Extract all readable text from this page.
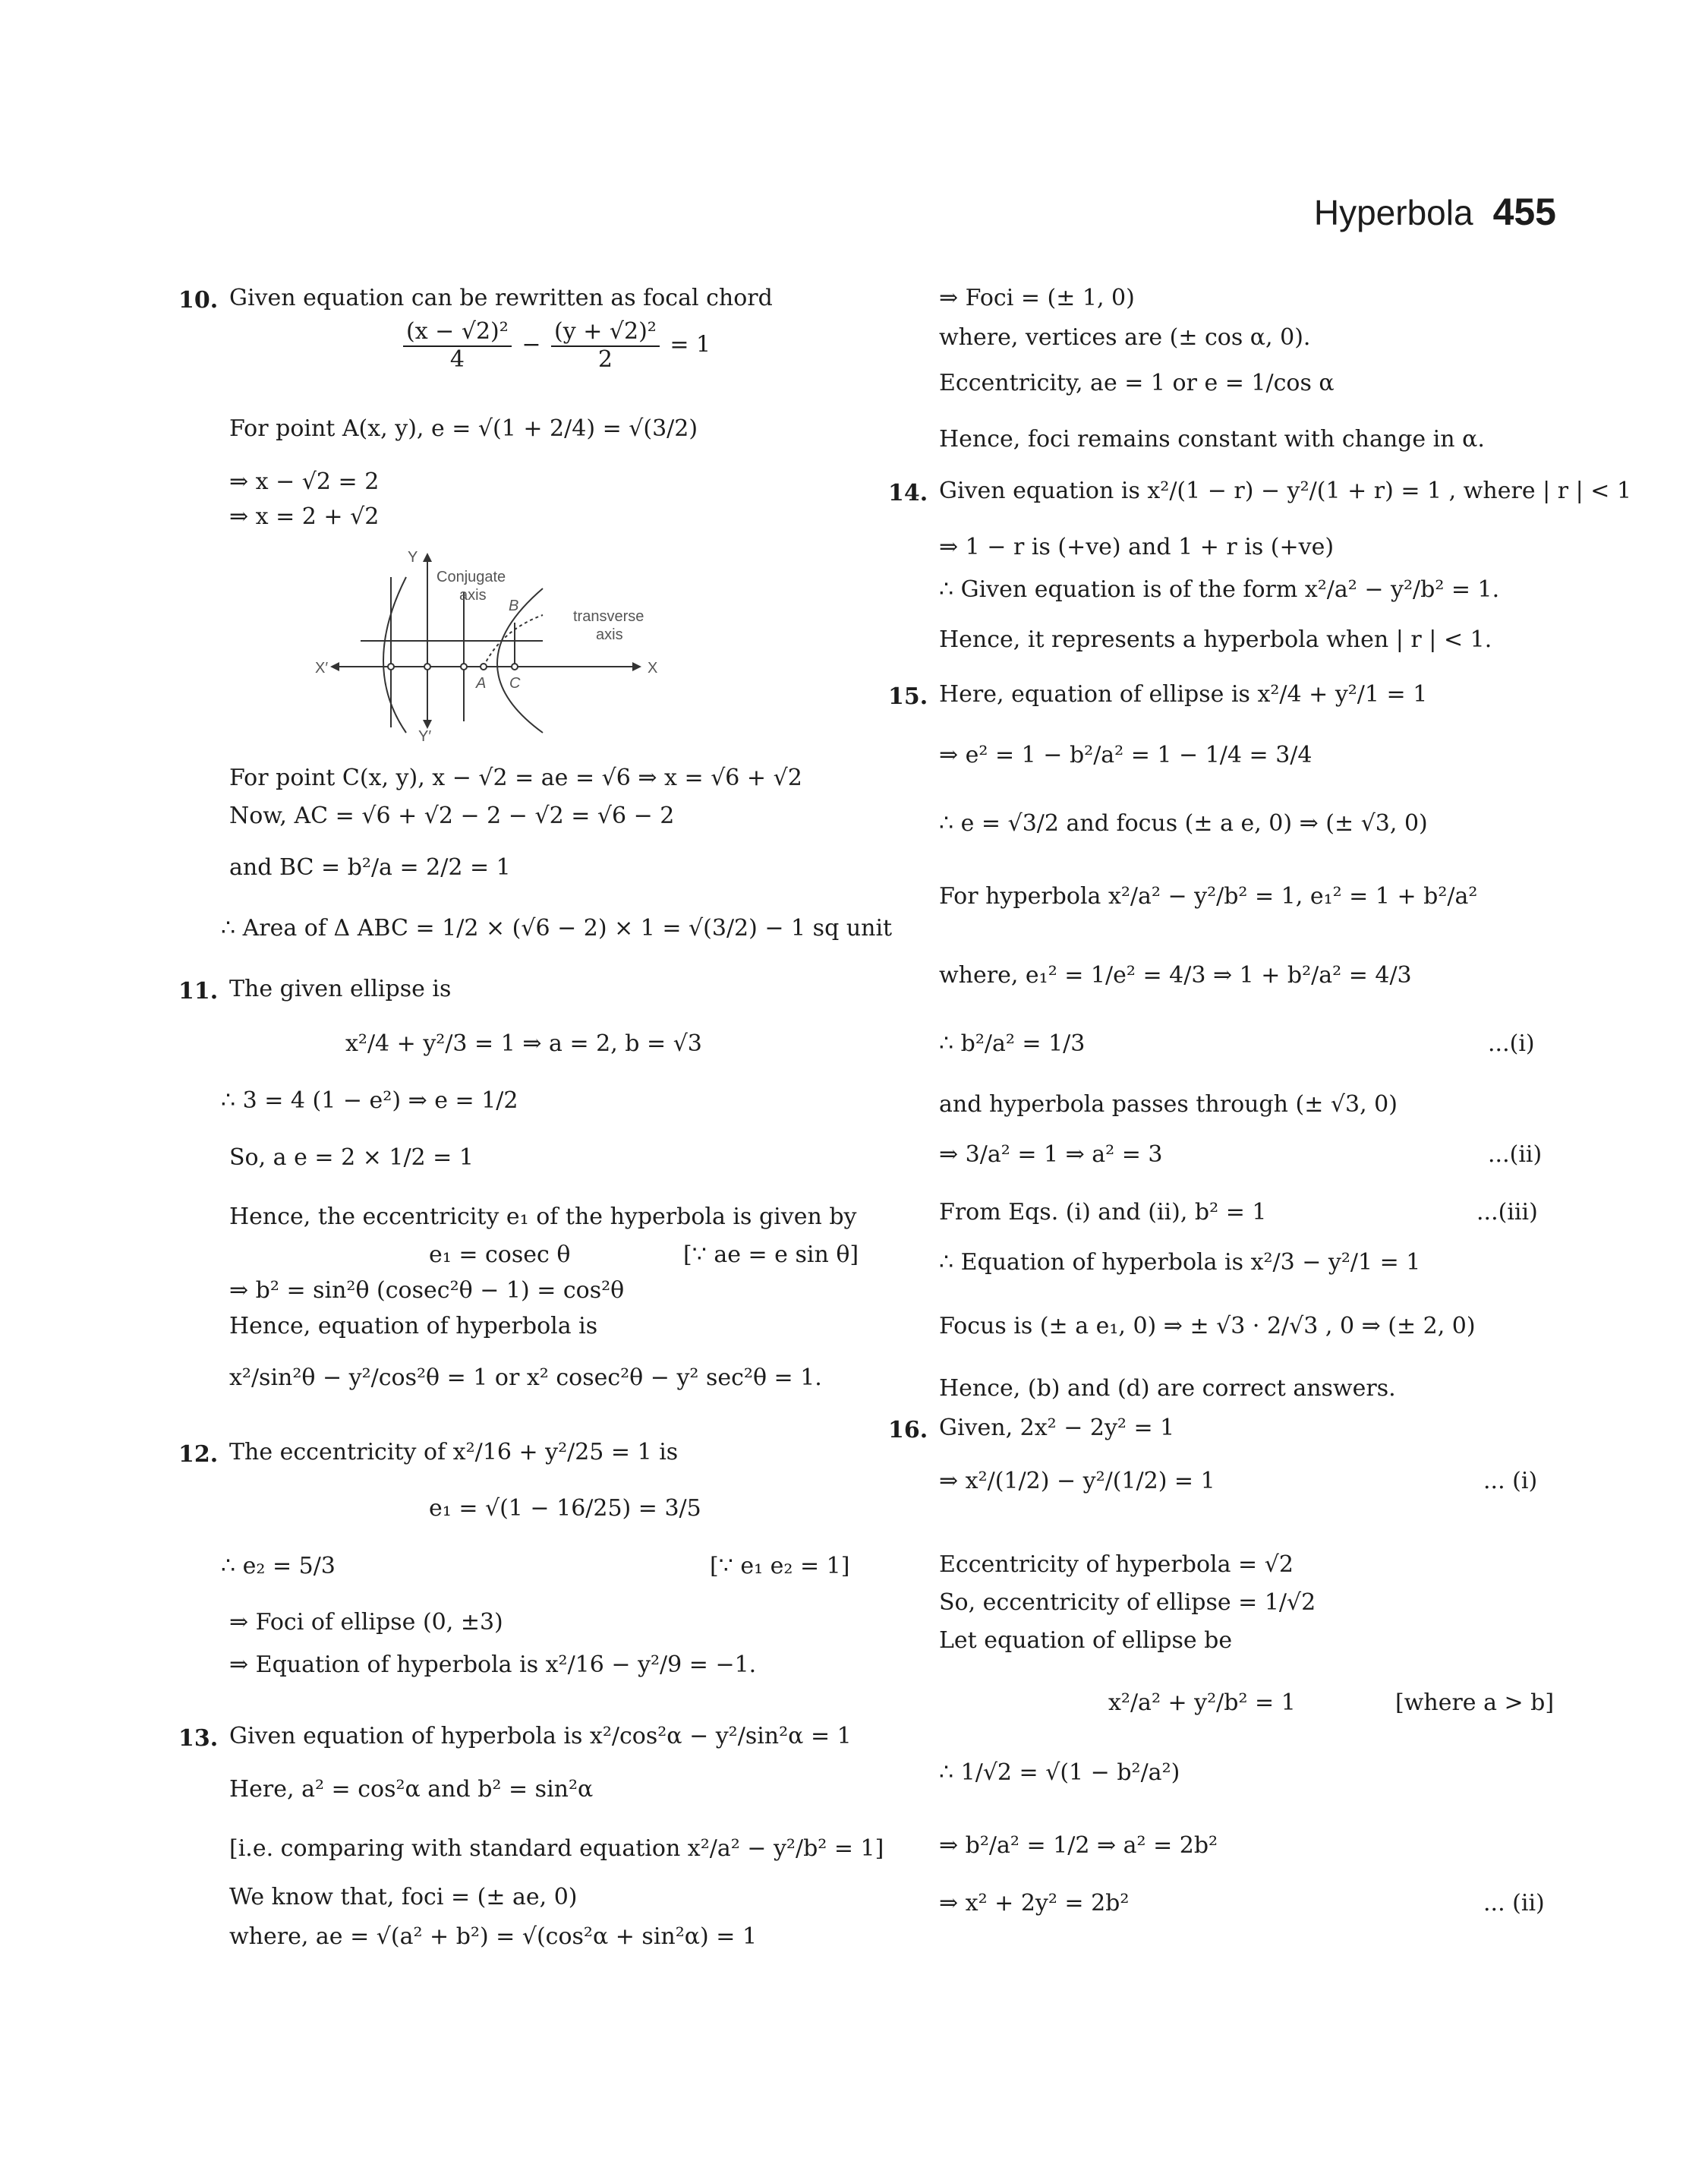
Hyperbola 455
10. Given equation can be rewritten as focal chord
$\frac{\text{(x − √2)²}}{4} - \frac{\text{(y + √2)²}}{2} = 1$
For point A(x, y), e = √(1 + 2/4) = √(3/2)
⇒ x − √2 = 2
⇒ x = 2 + √2
Y
Y′
X
X′
Conjugate
axis
transverse
axis
A
B
C
For point C(x, y), x − √2 = ae = √6 ⇒ x = √6 + √2
Now, AC = √6 + √2 − 2 − √2 = √6 − 2
and BC = b²/a = 2/2 = 1
∴ Area of Δ ABC = 1/2 × (√6 − 2) × 1 = √(3/2) − 1 sq unit
11. The given ellipse is
x²/4 + y²/3 = 1 ⇒ a = 2, b = √3
∴ 3 = 4 (1 − e²) ⇒ e = 1/2
So, a e = 2 × 1/2 = 1
Hence, the eccentricity e₁ of the hyperbola is given by
e₁ = cosec θ	[∵ ae = e sin θ]
⇒ b² = sin²θ (cosec²θ − 1) = cos²θ
Hence, equation of hyperbola is
x²/sin²θ − y²/cos²θ = 1 or x² cosec²θ − y² sec²θ = 1.
12. The eccentricity of x²/16 + y²/25 = 1 is
e₁ = √(1 − 16/25) = 3/5
∴ e₂ = 5/3	[∵ e₁ e₂ = 1]
⇒ Foci of ellipse (0, ±3)
⇒ Equation of hyperbola is x²/16 − y²/9 = −1.
13. Given equation of hyperbola is x²/cos²α − y²/sin²α = 1
Here, a² = cos²α and b² = sin²α
[i.e. comparing with standard equation x²/a² − y²/b² = 1]
We know that, foci = (± ae, 0)
where, ae = √(a² + b²) = √(cos²α + sin²α) = 1
⇒ Foci = (± 1, 0)
where, vertices are (± cos α, 0).
Eccentricity, ae = 1 or e = 1/cos α
Hence, foci remains constant with change in α.
14. Given equation is x²/(1 − r) − y²/(1 + r) = 1 , where | r | < 1
⇒ 1 − r is (+ve) and 1 + r is (+ve)
∴ Given equation is of the form x²/a² − y²/b² = 1.
Hence, it represents a hyperbola when | r | < 1.
15. Here, equation of ellipse is x²/4 + y²/1 = 1
⇒ e² = 1 − b²/a² = 1 − 1/4 = 3/4
∴ e = √3/2 and focus (± a e, 0) ⇒ (± √3, 0)
For hyperbola x²/a² − y²/b² = 1, e₁² = 1 + b²/a²
where, e₁² = 1/e² = 4/3 ⇒ 1 + b²/a² = 4/3
∴ b²/a² = 1/3	...(i)
and hyperbola passes through (± √3, 0)
⇒ 3/a² = 1 ⇒ a² = 3	...(ii)
From Eqs. (i) and (ii), b² = 1	...(iii)
∴ Equation of hyperbola is x²/3 − y²/1 = 1
Focus is (± a e₁, 0) ⇒ ± √3 · 2/√3 , 0 ⇒ (± 2, 0)
Hence, (b) and (d) are correct answers.
16. Given, 2x² − 2y² = 1
⇒ x²/(1/2) − y²/(1/2) = 1	... (i)
Eccentricity of hyperbola = √2
So, eccentricity of ellipse = 1/√2
Let equation of ellipse be
x²/a² + y²/b² = 1	[where a > b]
∴ 1/√2 = √(1 − b²/a²)
⇒ b²/a² = 1/2 ⇒ a² = 2b²
⇒ x² + 2y² = 2b²	... (ii)
